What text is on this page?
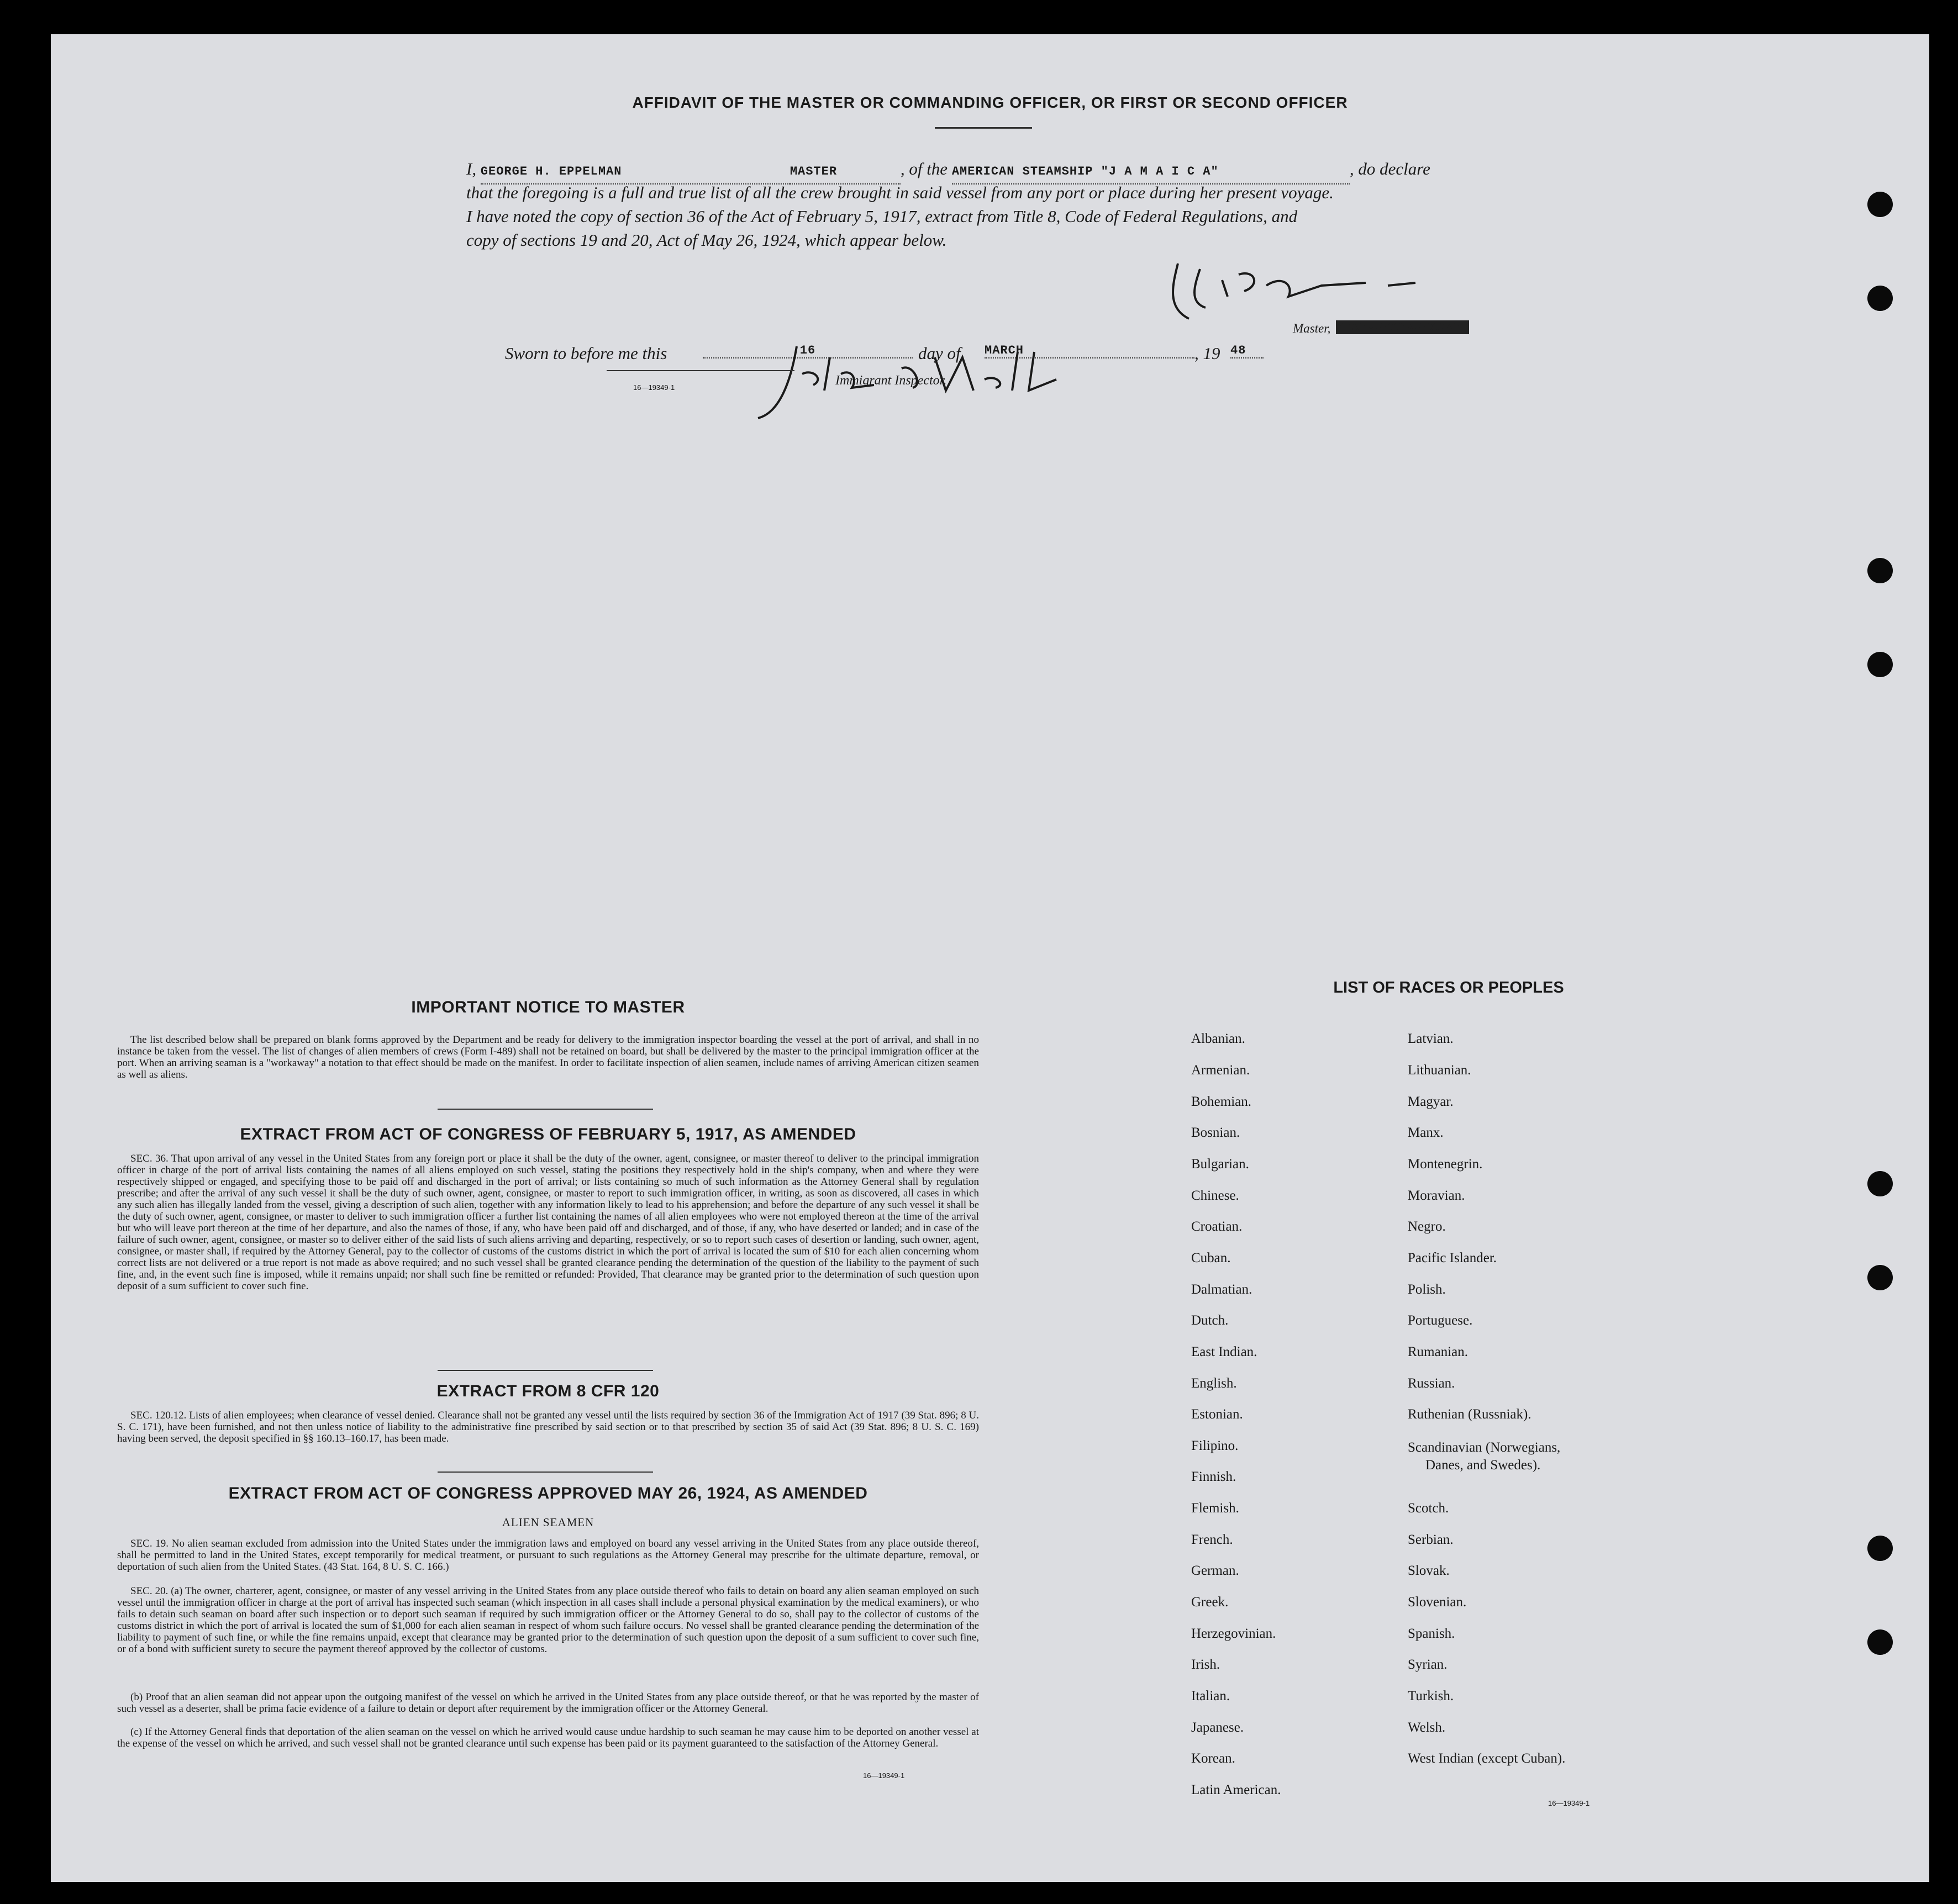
AFFIDAVIT OF THE MASTER OR COMMANDING OFFICER, OR FIRST OR SECOND OFFICER
I, GEORGE H. EPPELMAN	MASTER	, of the AMERICAN STEAMSHIP "J A M A I C A"	, do declare
that the foregoing is a full and true list of all the crew brought in said vessel from any port or place during her present voyage.
I have noted the copy of section 36 of the Act of February 5, 1917, extract from Title 8, Code of Federal Regulations, and
copy of sections 19 and 20, Act of May 26, 1924, which appear below.
Master, XXXXXXXXXXXXXXXXX
Sworn to before me this	16	day of MARCH	, 19 48
16—19349-1	Immigrant Inspector.
IMPORTANT NOTICE TO MASTER
The list described below shall be prepared on blank forms approved by the Department and be ready for delivery to the immigration inspector boarding the vessel at the port of arrival, and shall in no instance be taken from the vessel. The list of changes of alien members of crews (Form I-489) shall not be retained on board, but shall be delivered by the master to the principal immigration officer at the port. When an arriving seaman is a "workaway" a notation to that effect should be made on the manifest. In order to facilitate inspection of alien seamen, include names of arriving American citizen seamen as well as aliens.
EXTRACT FROM ACT OF CONGRESS OF FEBRUARY 5, 1917, AS AMENDED
SEC. 36. That upon arrival of any vessel in the United States from any foreign port or place it shall be the duty of the owner, agent, consignee, or master thereof to deliver to the principal immigration officer in charge of the port of arrival lists containing the names of all aliens employed on such vessel, stating the positions they respectively hold in the ship's company, when and where they were respectively shipped or engaged, and specifying those to be paid off and discharged in the port of arrival; or lists containing so much of such information as the Attorney General shall by regulation prescribe; and after the arrival of any such vessel it shall be the duty of such owner, agent, consignee, or master to report to such immigration officer, in writing, as soon as discovered, all cases in which any such alien has illegally landed from the vessel, giving a description of such alien, together with any information likely to lead to his apprehension; and before the departure of any such vessel it shall be the duty of such owner, agent, consignee, or master to deliver to such immigration officer a further list containing the names of all alien employees who were not employed thereon at the time of the arrival but who will leave port thereon at the time of her departure, and also the names of those, if any, who have been paid off and discharged, and of those, if any, who have deserted or landed; and in case of the failure of such owner, agent, consignee, or master so to deliver either of the said lists of such aliens arriving and departing, respectively, or so to report such cases of desertion or landing, such owner, agent, consignee, or master shall, if required by the Attorney General, pay to the collector of customs of the customs district in which the port of arrival is located the sum of $10 for each alien concerning whom correct lists are not delivered or a true report is not made as above required; and no such vessel shall be granted clearance pending the determination of the question of the liability to the payment of such fine, and, in the event such fine is imposed, while it remains unpaid; nor shall such fine be remitted or refunded: Provided, That clearance may be granted prior to the determination of such question upon deposit of a sum sufficient to cover such fine.
EXTRACT FROM 8 CFR 120
SEC. 120.12. Lists of alien employees; when clearance of vessel denied. Clearance shall not be granted any vessel until the lists required by section 36 of the Immigration Act of 1917 (39 Stat. 896; 8 U. S. C. 171), have been furnished, and not then unless notice of liability to the administrative fine prescribed by said section or to that prescribed by section 35 of said Act (39 Stat. 896; 8 U. S. C. 169) having been served, the deposit specified in §§ 160.13–160.17, has been made.
EXTRACT FROM ACT OF CONGRESS APPROVED MAY 26, 1924, AS AMENDED
ALIEN SEAMEN
SEC. 19. No alien seaman excluded from admission into the United States under the immigration laws and employed on board any vessel arriving in the United States from any place outside thereof, shall be permitted to land in the United States, except temporarily for medical treatment, or pursuant to such regulations as the Attorney General may prescribe for the ultimate departure, removal, or deportation of such alien from the United States. (43 Stat. 164, 8 U. S. C. 166.)
SEC. 20. (a) The owner, charterer, agent, consignee, or master of any vessel arriving in the United States from any place outside thereof who fails to detain on board any alien seaman employed on such vessel until the immigration officer in charge at the port of arrival has inspected such seaman (which inspection in all cases shall include a personal physical examination by the medical examiners), or who fails to detain such seaman on board after such inspection or to deport such seaman if required by such immigration officer or the Attorney General to do so, shall pay to the collector of customs of the customs district in which the port of arrival is located the sum of $1,000 for each alien seaman in respect of whom such failure occurs. No vessel shall be granted clearance pending the determination of the liability to payment of such fine, or while the fine remains unpaid, except that clearance may be granted prior to the determination of such question upon the deposit of a sum sufficient to cover such fine, or of a bond with sufficient surety to secure the payment thereof approved by the collector of customs.
(b) Proof that an alien seaman did not appear upon the outgoing manifest of the vessel on which he arrived in the United States from any place outside thereof, or that he was reported by the master of such vessel as a deserter, shall be prima facie evidence of a failure to detain or deport after requirement by the immigration officer or the Attorney General.
(c) If the Attorney General finds that deportation of the alien seaman on the vessel on which he arrived would cause undue hardship to such seaman he may cause him to be deported on another vessel at the expense of the vessel on which he arrived, and such vessel shall not be granted clearance until such expense has been paid or its payment guaranteed to the satisfaction of the Attorney General.
16—19349-1
LIST OF RACES OR PEOPLES
Albanian.
Armenian.
Bohemian.
Bosnian.
Bulgarian.
Chinese.
Croatian.
Cuban.
Dalmatian.
Dutch.
East Indian.
English.
Estonian.
Filipino.
Finnish.
Flemish.
French.
German.
Greek.
Herzegovinian.
Irish.
Italian.
Japanese.
Korean.
Latin American.
Latvian.
Lithuanian.
Magyar.
Manx.
Montenegrin.
Moravian.
Negro.
Pacific Islander.
Polish.
Portuguese.
Rumanian.
Russian.
Ruthenian (Russniak).
Scandinavian (Norwegians,
Danes, and Swedes).
Scotch.
Serbian.
Slovak.
Slovenian.
Spanish.
Syrian.
Turkish.
Welsh.
West Indian (except Cuban).
16—19349-1
